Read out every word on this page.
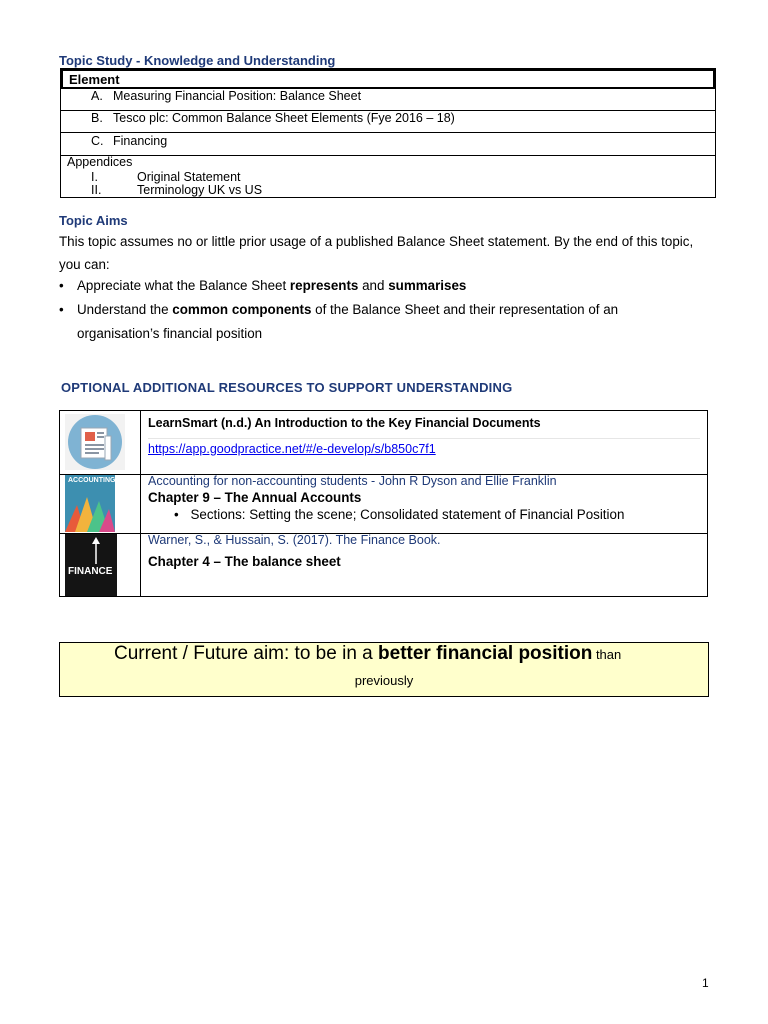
Topic Study - Knowledge and Understanding
Element
A. Measuring Financial Position: Balance Sheet
B. Tesco plc: Common Balance Sheet Elements (Fye 2016 – 18)
C. Financing
Appendices
I.	Original Statement
II.	Terminology UK vs US
Topic Aims
This topic assumes no or little prior usage of a published Balance Sheet statement. By the end of this topic, you can:
• Appreciate what the Balance Sheet represents and summarises
• Understand the common components of the Balance Sheet and their representation of an organisation’s financial position
OPTIONAL ADDITIONAL RESOURCES TO SUPPORT UNDERSTANDING
LearnSmart (n.d.) An Introduction to the Key Financial Documents
https://app.goodpractice.net/#/e-develop/s/b850c7f1
ACCOUNTING	Accounting for non-accounting students - John R Dyson and Ellie Franklin
Chapter 9 – The Annual Accounts
• Sections: Setting the scene; Consolidated statement of Financial Position
FINANCE
Warner, S., & Hussain, S. (2017). The Finance Book.
Chapter 4 – The balance sheet
Current / Future aim: to be in a better financial position than
previously
1
